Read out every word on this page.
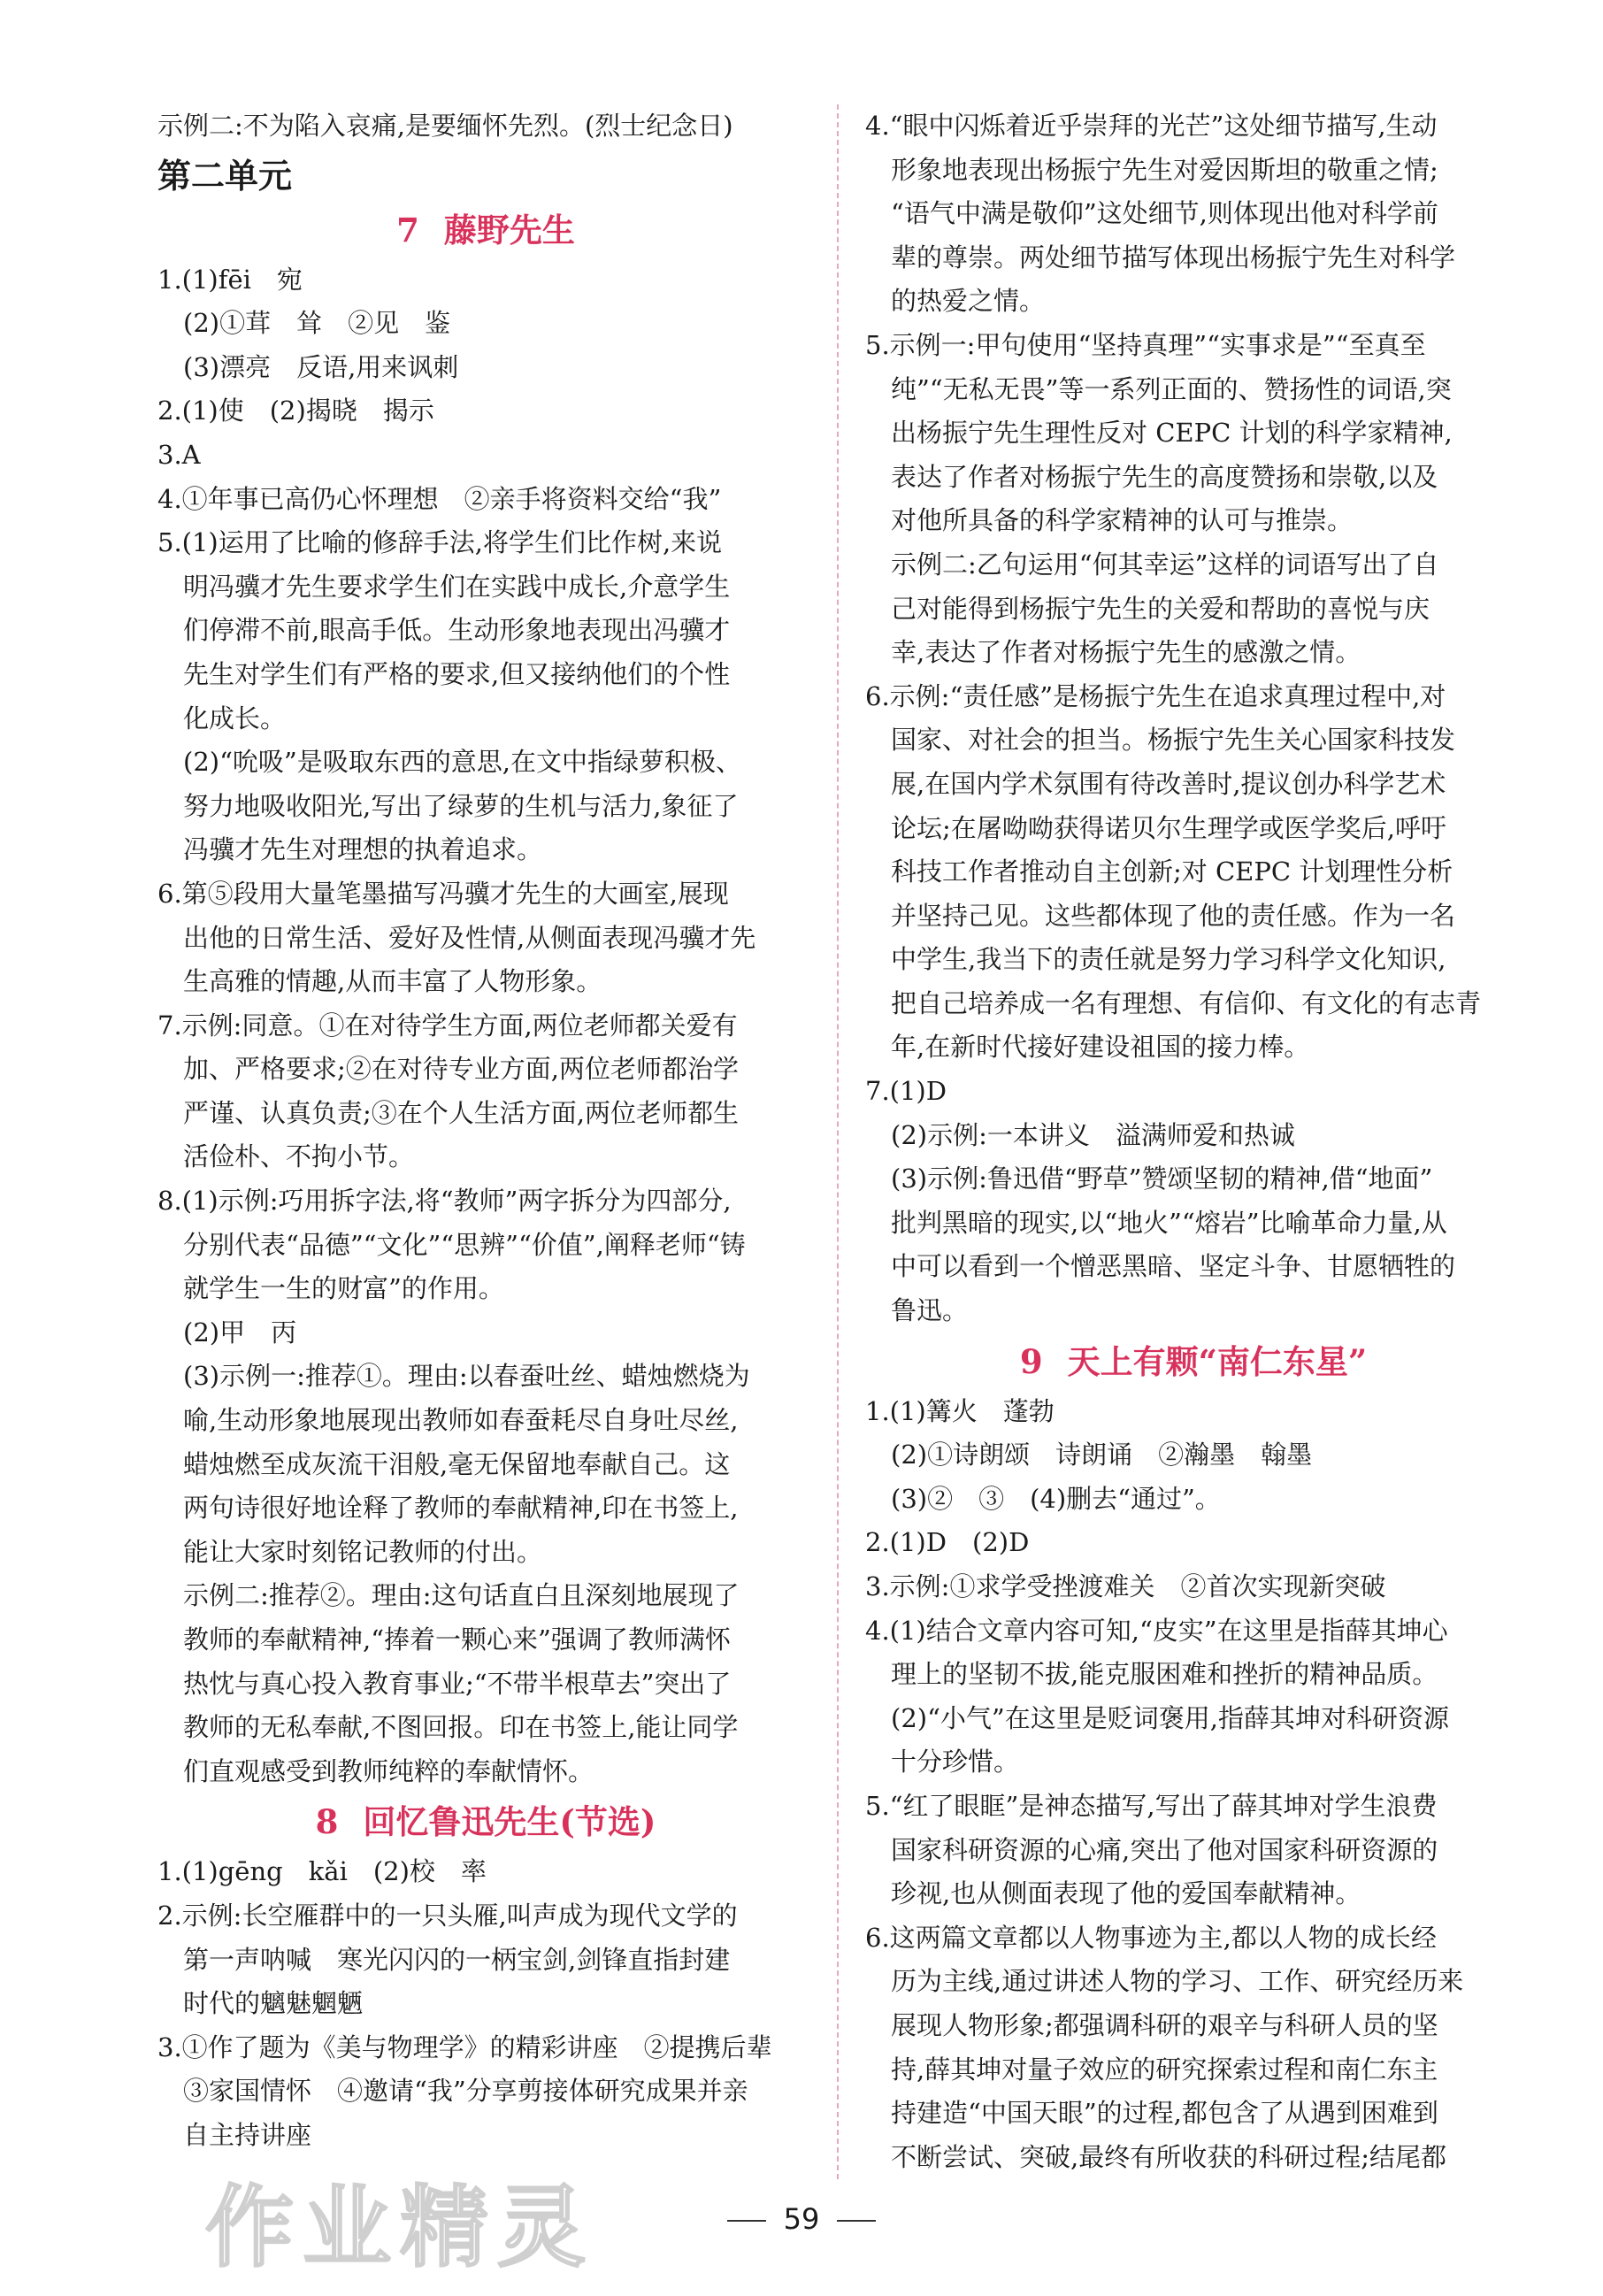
示例二:不为陷入哀痛,是要缅怀先烈。(烈士纪念日)

第二单元
7 藤野先生

1.(1)fēi　宛

(2)①茸　耸　②见　鉴

(3)漂亮　反语,用来讽刺

2.(1)使　(2)揭晓　揭示

3.A

4.①年事已高仍心怀理想　②亲手将资料交给“我”

5.(1)运用了比喻的修辞手法,将学生们比作树,来说

明冯骥才先生要求学生们在实践中成长,介意学生

们停滞不前,眼高手低。生动形象地表现出冯骥才

先生对学生们有严格的要求,但又接纳他们的个性

化成长。

(2)“吮吸”是吸取东西的意思,在文中指绿萝积极、

努力地吸收阳光,写出了绿萝的生机与活力,象征了

冯骥才先生对理想的执着追求。

6.第⑤段用大量笔墨描写冯骥才先生的大画室,展现

出他的日常生活、爱好及性情,从侧面表现冯骥才先

生高雅的情趣,从而丰富了人物形象。

7.示例:同意。①在对待学生方面,两位老师都关爱有

加、严格要求;②在对待专业方面,两位老师都治学

严谨、认真负责;③在个人生活方面,两位老师都生

活俭朴、不拘小节。

8.(1)示例:巧用拆字法,将“教师”两字拆分为四部分,

分别代表“品德”“文化”“思辨”“价值”,阐释老师“铸

就学生一生的财富”的作用。

(2)甲　丙

(3)示例一:推荐①。理由:以春蚕吐丝、蜡烛燃烧为

喻,生动形象地展现出教师如春蚕耗尽自身吐尽丝,

蜡烛燃至成灰流干泪般,毫无保留地奉献自己。这

两句诗很好地诠释了教师的奉献精神,印在书签上,

能让大家时刻铭记教师的付出。

示例二:推荐②。理由:这句话直白且深刻地展现了

教师的奉献精神,“捧着一颗心来”强调了教师满怀

热忱与真心投入教育事业;“不带半根草去”突出了

教师的无私奉献,不图回报。印在书签上,能让同学

们直观感受到教师纯粹的奉献情怀。

8 回忆鲁迅先生(节选)

1.(1)gēng　kǎi　(2)校　率

2.示例:长空雁群中的一只头雁,叫声成为现代文学的

第一声呐喊　寒光闪闪的一柄宝剑,剑锋直指封建

时代的魑魅魍魉

3.①作了题为《美与物理学》的精彩讲座　②提携后辈

③家国情怀　④邀请“我”分享剪接体研究成果并亲

自主持讲座

4.“眼中闪烁着近乎崇拜的光芒”这处细节描写,生动

形象地表现出杨振宁先生对爱因斯坦的敬重之情;

“语气中满是敬仰”这处细节,则体现出他对科学前

辈的尊崇。两处细节描写体现出杨振宁先生对科学

的热爱之情。

5.示例一:甲句使用“坚持真理”“实事求是”“至真至

纯”“无私无畏”等一系列正面的、赞扬性的词语,突

出杨振宁先生理性反对 CEPC 计划的科学家精神,

表达了作者对杨振宁先生的高度赞扬和崇敬,以及

对他所具备的科学家精神的认可与推崇。

示例二:乙句运用“何其幸运”这样的词语写出了自

己对能得到杨振宁先生的关爱和帮助的喜悦与庆

幸,表达了作者对杨振宁先生的感激之情。

6.示例:“责任感”是杨振宁先生在追求真理过程中,对

国家、对社会的担当。杨振宁先生关心国家科技发

展,在国内学术氛围有待改善时,提议创办科学艺术

论坛;在屠呦呦获得诺贝尔生理学或医学奖后,呼吁

科技工作者推动自主创新;对 CEPC 计划理性分析

并坚持己见。这些都体现了他的责任感。作为一名

中学生,我当下的责任就是努力学习科学文化知识,

把自己培养成一名有理想、有信仰、有文化的有志青

年,在新时代接好建设祖国的接力棒。

7.(1)D

(2)示例:一本讲义　溢满师爱和热诚

(3)示例:鲁迅借“野草”赞颂坚韧的精神,借“地面”

批判黑暗的现实,以“地火”“熔岩”比喻革命力量,从

中可以看到一个憎恶黑暗、坚定斗争、甘愿牺牲的

鲁迅。

9 天上有颗“南仁东星”

1.(1)篝火　蓬勃

(2)①诗朗颂　诗朗诵　②瀚墨　翰墨

(3)②　③　(4)删去“通过”。

2.(1)D　(2)D

3.示例:①求学受挫渡难关　②首次实现新突破

4.(1)结合文章内容可知,“皮实”在这里是指薛其坤心

理上的坚韧不拔,能克服困难和挫折的精神品质。

(2)“小气”在这里是贬词褒用,指薛其坤对科研资源

十分珍惜。

5.“红了眼眶”是神态描写,写出了薛其坤对学生浪费

国家科研资源的心痛,突出了他对国家科研资源的

珍视,也从侧面表现了他的爱国奉献精神。

6.这两篇文章都以人物事迹为主,都以人物的成长经

历为主线,通过讲述人物的学习、工作、研究经历来

展现人物形象;都强调科研的艰辛与科研人员的坚

持,薛其坤对量子效应的研究探索过程和南仁东主

持建造“中国天眼”的过程,都包含了从遇到困难到

不断尝试、突破,最终有所收获的科研过程;结尾都

59
作业精灵
